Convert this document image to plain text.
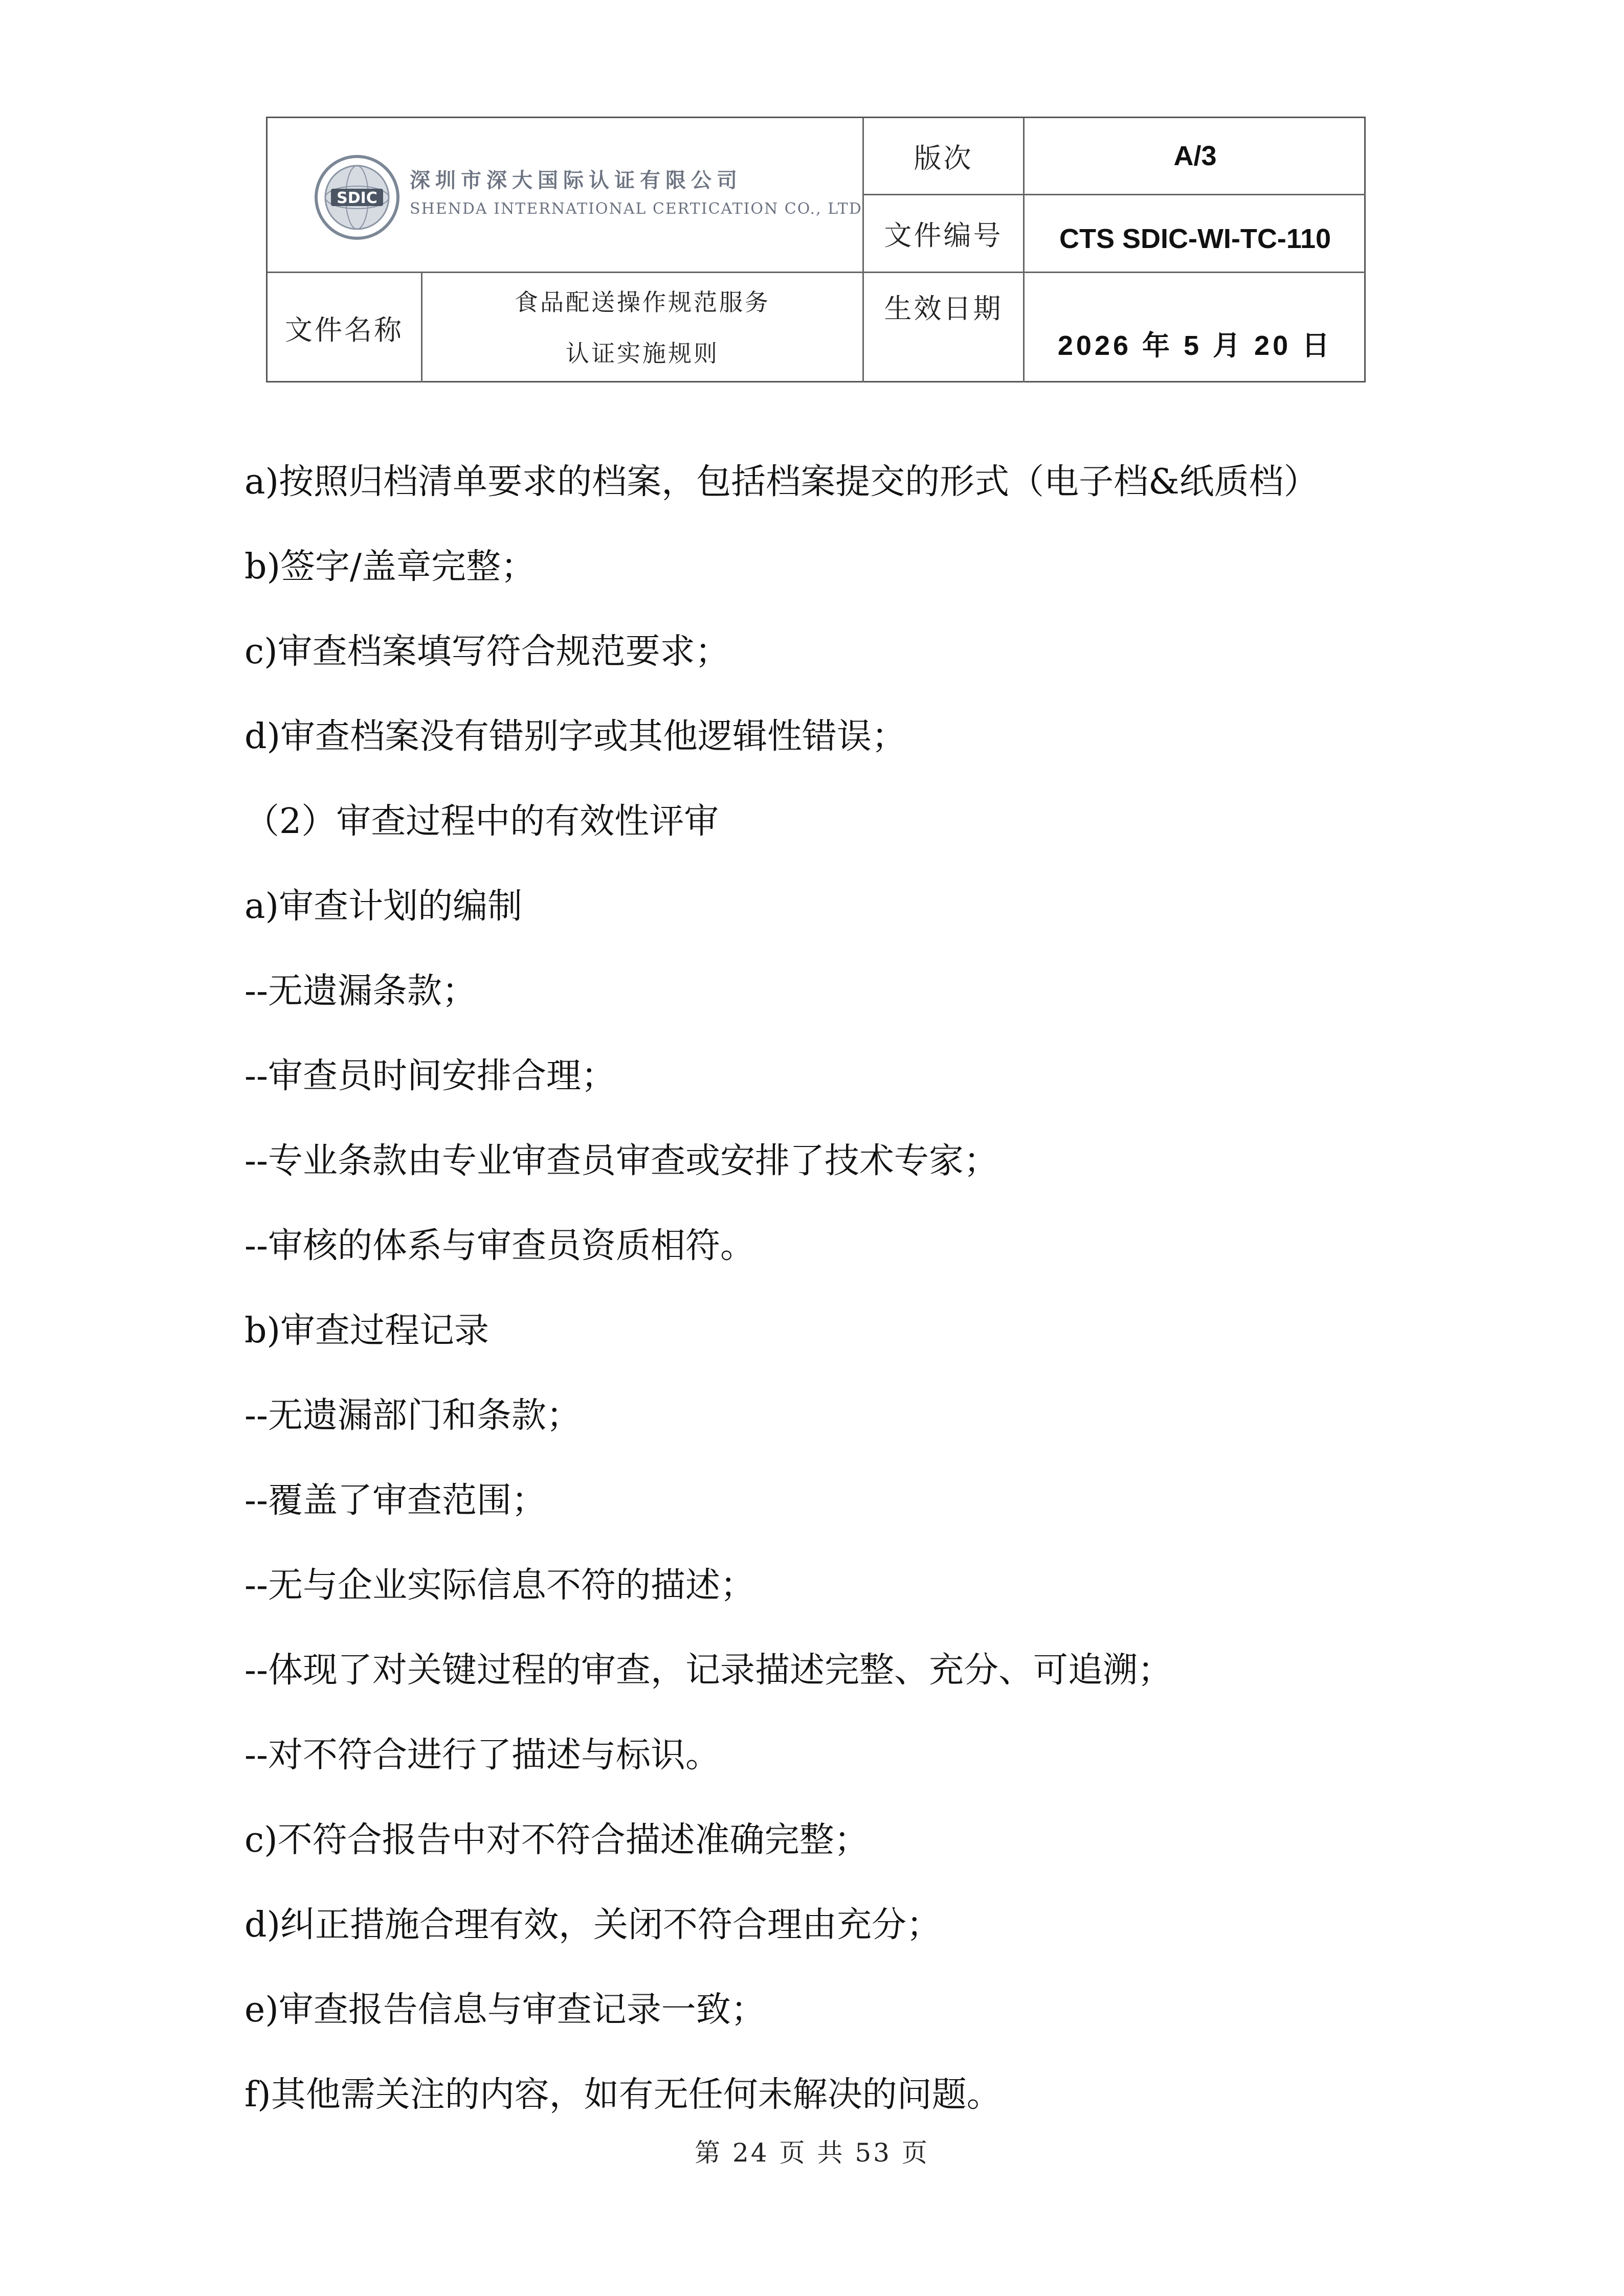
SDIC
深圳市深大国际认证有限公司
SHENDA INTERNATIONAL CERTICATION CO., LTD
版次	A/3
文件编号	CTS SDIC-WI-TC-110
文件名称
食品配送操作规范服务
认证实施规则
生效日期
2026 年 5 月 20 日
a)按照归档清单要求的档案，包括档案提交的形式（电子档&纸质档）
b)签字/盖章完整；
c)审查档案填写符合规范要求；
d)审查档案没有错别字或其他逻辑性错误；
（2）审查过程中的有效性评审
a)审查计划的编制
--无遗漏条款；
--审查员时间安排合理；
--专业条款由专业审查员审查或安排了技术专家；
--审核的体系与审查员资质相符。
b)审查过程记录
--无遗漏部门和条款；
--覆盖了审查范围；
--无与企业实际信息不符的描述；
--体现了对关键过程的审查，记录描述完整、充分、可追溯；
--对不符合进行了描述与标识。
c)不符合报告中对不符合描述准确完整；
d)纠正措施合理有效，关闭不符合理由充分；
e)审查报告信息与审查记录一致；
f)其他需关注的内容，如有无任何未解决的问题。
第 24 页 共 53 页
